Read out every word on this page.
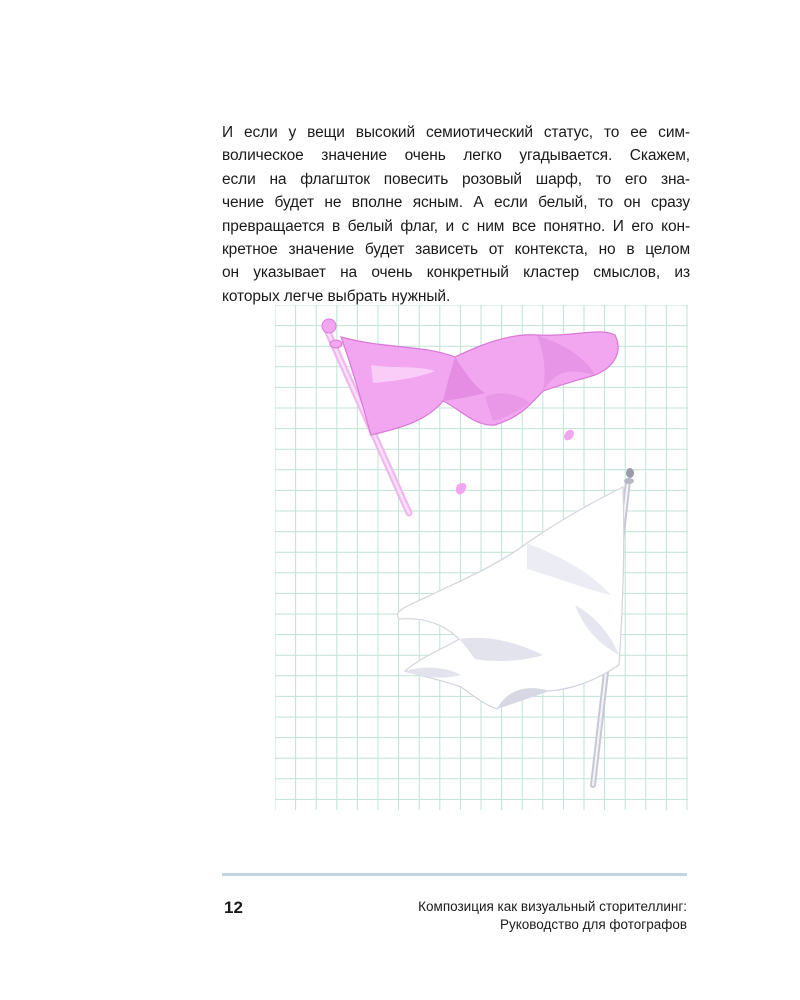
И если у вещи высокий семиотический статус, то ее сим-
волическое значение очень легко угадывается. Скажем,
если на флагшток повесить розовый шарф, то его зна-
чение будет не вполне ясным. А если белый, то он сразу
превращается в белый флаг, и с ним все понятно. И его кон-
кретное значение будет зависеть от контекста, но в целом
он указывает на очень конкретный кластер смыслов, из
которых легче выбрать нужный.
12	Композиция как визуальный сторителлинг:
Руководство для фотографов
